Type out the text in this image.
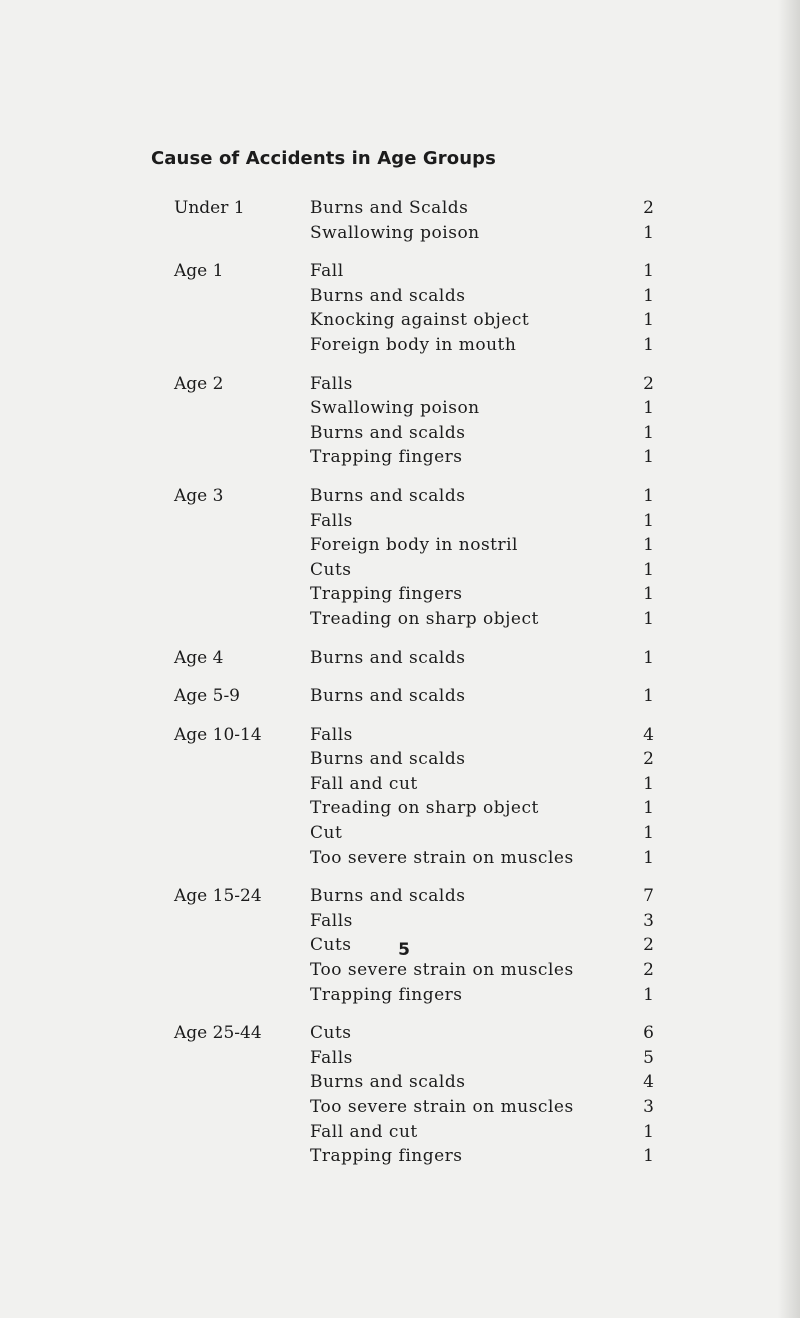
Cause of Accidents in Age Groups
Under 1	Burns and Scalds	2
Swallowing poison	1
Age 1	Fall	1
Burns and scalds	1
Knocking against object	1
Foreign body in mouth	1
Age 2	Falls	2
Swallowing poison	1
Burns and scalds	1
Trapping fingers	1
Age 3	Burns and scalds	1
Falls	1
Foreign body in nostril	1
Cuts	1
Trapping fingers	1
Treading on sharp object	1
Age 4	Burns and scalds	1
Age 5-9	Burns and scalds	1
Age 10-14	Falls	4
Burns and scalds	2
Fall and cut	1
Treading on sharp object	1
Cut	1
Too severe strain on muscles	1
Age 15-24	Burns and scalds	7
Falls	3
Cuts	2
Too severe strain on muscles	2
Trapping fingers	1
Age 25-44	Cuts	6
Falls	5
Burns and scalds	4
Too severe strain on muscles	3
Fall and cut	1
Trapping fingers	1
5
